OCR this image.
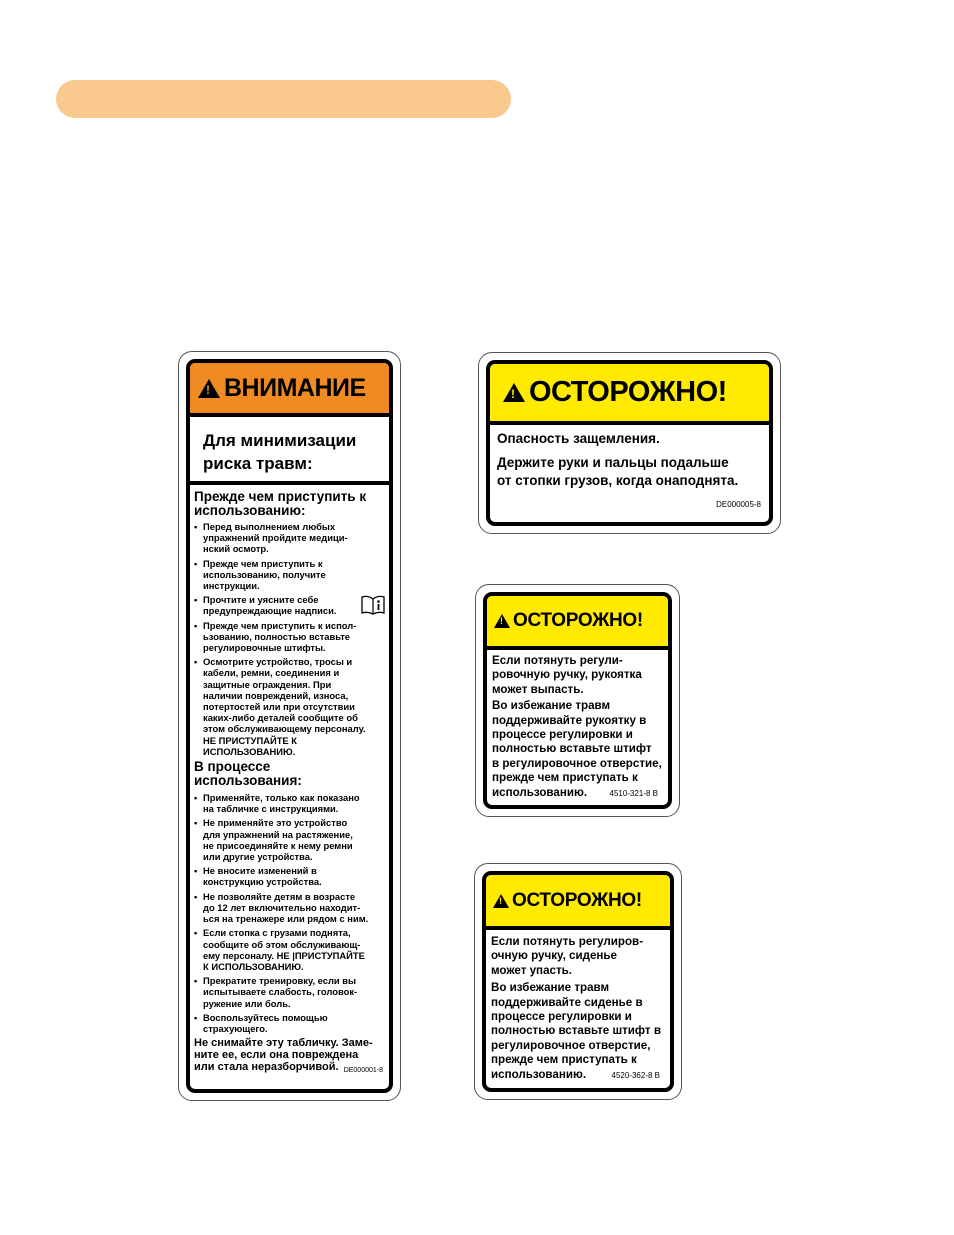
!
ВНИМАНИЕ
Для минимизации
риска травм:
Прежде чем приступить к
использованию:
• Перед выполнением любых
упражнений пройдите медици-
нский осмотр.
• Прежде чем приступить к
использованию, получите
инструкции.
• Прочтите и уясните себе
предупреждающие надписи.
• Прежде чем приступить к испол-
ьзованию, полностью вставьте
регулировочные штифты.
• Осмотрите устройство, тросы и
кабели, ремни, соединения и
защитные ограждения. При
наличии повреждений, износа,
потертостей или при отсутствии
каких-либо деталей сообщите об
этом обслуживающему персоналу.
НЕ ПРИСТУПАЙТЕ К
ИСПОЛЬЗОВАНИЮ.
В процессе
использования:
• Применяйте, только как показано
на табличке с инструкциями.
• Не применяйте это устройство
для упражнений на растяжение,
не присоединяйте к нему ремни
или другие устройства.
• Не вносите изменений в
конструкцию устройства.
• Не позволяйте детям в возрасте
до 12 лет включительно находит-
ься на тренажере или рядом с ним.
• Если стопка с грузами поднята,
сообщите об этом обслуживающ-
ему персоналу. НЕ |ПРИСТУПАЙТЕ
К ИСПОЛЬЗОВАНИЮ.
• Прекратите тренировку, если вы
испытываете слабость, головок-
ружение или боль.
• Воспользуйтесь помощью
страхующего.
Не снимайте эту табличку. Заме-
ните ее, если она повреждена
или стала неразборчивой. DE000001-8
!
ОСТОРОЖНО!
Опасность защемления.
Держите руки и пальцы подальше
от стопки грузов, когда онаподнята.
DE000005-8
!
ОСТОРОЖНО!
Если потянуть регули-
ровочную ручку, рукоятка
может выпасть.
Во избежание травм
поддерживайте рукоятку в
процессе регулировки и
полностью вставьте штифт
в регулировочное отверстие,
прежде чем приступать к
использованию.	4510-321-8 B
!
ОСТОРОЖНО!
Если потянуть регулиров-
очную ручку, сиденье
может упасть.
Во избежание травм
поддерживайте сиденье в
процессе регулировки и
полностью вставьте штифт в
регулировочное отверстие,
прежде чем приступать к
использованию.	4520-362-8 B
